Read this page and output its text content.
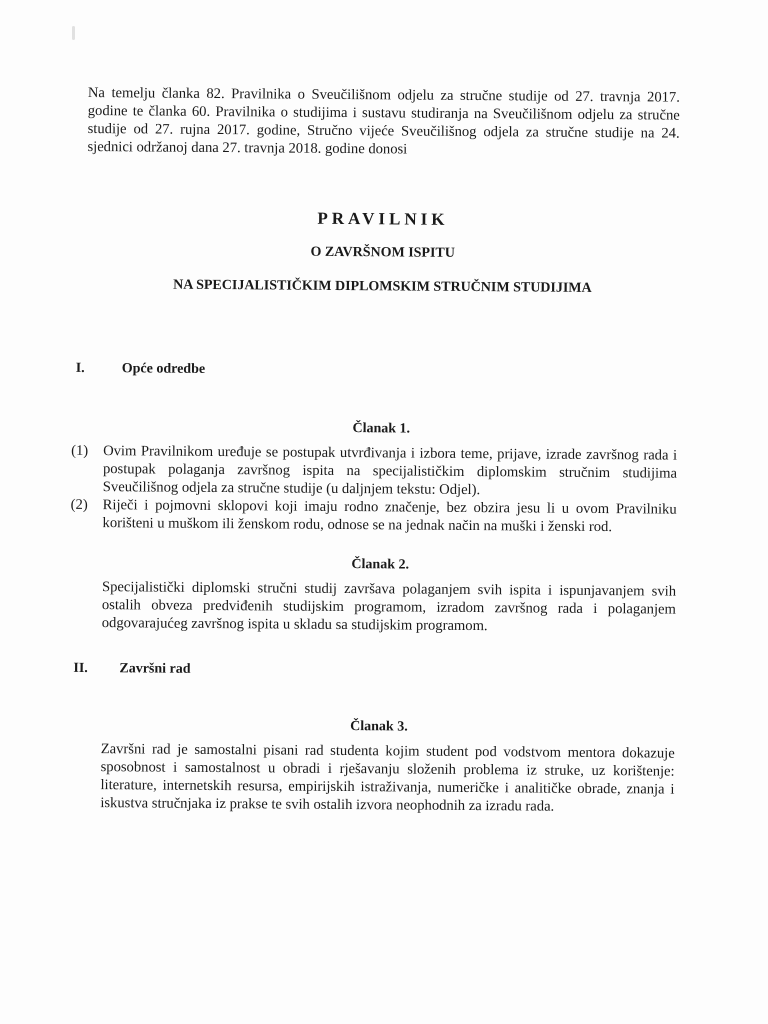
Na temelju članka 82. Pravilnika o Sveučilišnom odjelu za stručne studije od 27. travnja 2017. godine te članka 60. Pravilnika o studijima i sustavu studiranja na Sveučilišnom odjelu za stručne studije od 27. rujna 2017. godine, Stručno vijeće Sveučilišnog odjela za stručne studije na 24. sjednici održanoj dana 27. travnja 2018. godine donosi

PRAVILNIK

O ZAVRŠNOM ISPITU

NA SPECIJALISTIČKIM DIPLOMSKIM STRUČNIM STUDIJIMA

I.	Opće odredbe
Članak 1.
(1)	Ovim Pravilnikom uređuje se postupak utvrđivanja i izbora teme, prijave, izrade završnog rada i postupak polaganja završnog ispita na specijalističkim diplomskim stručnim studijima Sveučilišnog odjela za stručne studije (u daljnjem tekstu: Odjel).
(2)	Riječi i pojmovni sklopovi koji imaju rodno značenje, bez obzira jesu li u ovom Pravilniku korišteni u muškom ili ženskom rodu, odnose se na jednak način na muški i ženski rod.
Članak 2.

Specijalistički diplomski stručni studij završava polaganjem svih ispita i ispunjavanjem svih ostalih obveza predviđenih studijskim programom, izradom završnog rada i polaganjem odgovarajućeg završnog ispita u skladu sa studijskim programom.

II.	Završni rad
Članak 3.

Završni rad je samostalni pisani rad studenta kojim student pod vodstvom mentora dokazuje sposobnost i samostalnost u obradi i rješavanju složenih problema iz struke, uz korištenje: literature, internetskih resursa, empirijskih istraživanja, numeričke i analitičke obrade, znanja i iskustva stručnjaka iz prakse te svih ostalih izvora neophodnih za izradu rada.
